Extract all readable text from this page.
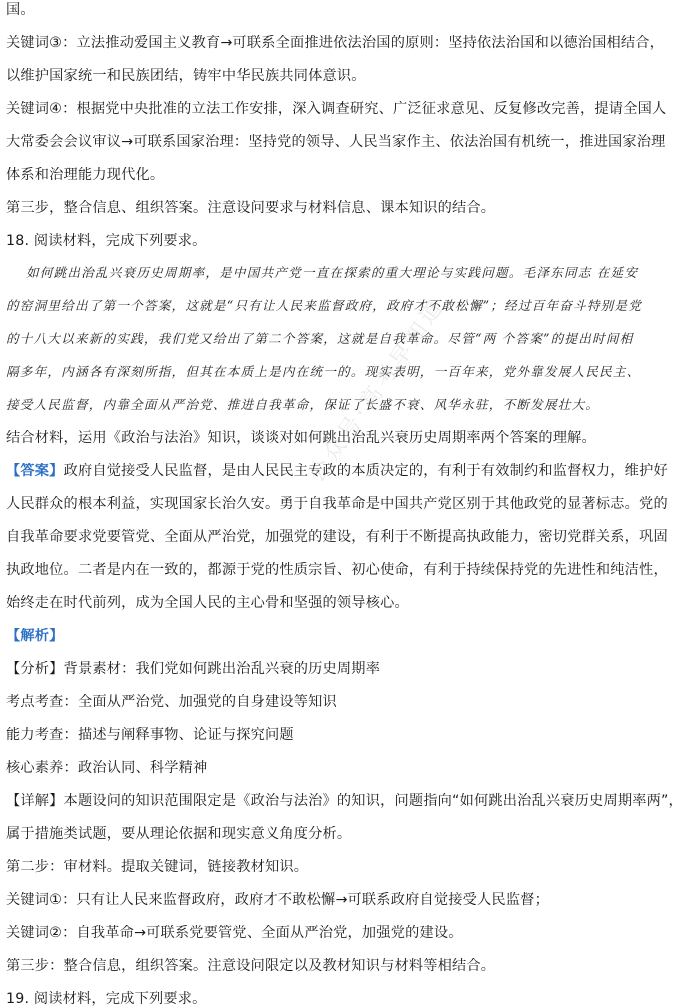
国。
关键词③：立法推动爱国主义教育→可联系全面推进依法治国的原则：坚持依法治国和以德治国相结合，
以维护国家统一和民族团结，铸牢中华民族共同体意识。
关键词④：根据党中央批准的立法工作安排，深入调查研究、广泛征求意见、反复修改完善，提请全国人
大常委会会议审议→可联系国家治理：坚持党的领导、人民当家作主、依法治国有机统一，推进国家治理
体系和治理能力现代化。
第三步，整合信息、组织答案。注意设问要求与材料信息、课本知识的结合。
18. 阅读材料，完成下列要求。
如何跳出治乱兴衰历史周期率，是中国共产党一直在探索的重大理论与实践问题。毛泽东同志 在延安
的窑洞里给出了第一个答案，这就是“只有让人民来监督政府，政府才不敢松懈”；经过百年奋斗特别是党
的十八大以来新的实践，我们党又给出了第二个答案，这就是自我革命。尽管“两 个答案”的提出时间相
隔多年，内涵各有深刻所指，但其在本质上是内在统一的。现实表明，一百年来，党外靠发展人民民主、
接受人民监督，内靠全面从严治党、推进自我革命，保证了长盛不衰、风华永驻，不断发展壮大。
结合材料，运用《政治与法治》知识，谈谈对如何跳出治乱兴衰历史周期率两个答案的理解。
【答案】政府自觉接受人民监督，是由人民民主专政的本质决定的，有利于有效制约和监督权力，维护好
人民群众的根本利益，实现国家长治久安。勇于自我革命是中国共产党区别于其他政党的显著标志。党的
自我革命要求党要管党、全面从严治党，加强党的建设，有利于不断提高执政能力，密切党群关系，巩固
执政地位。二者是内在一致的，都源于党的性质宗旨、初心使命，有利于持续保持党的先进性和纯洁性，
始终走在时代前列，成为全国人民的主心骨和坚强的领导核心。
【解析】
【分析】背景素材：我们党如何跳出治乱兴衰的历史周期率
考点考查：全面从严治党、加强党的自身建设等知识
能力考查：描述与阐释事物、论证与探究问题
核心素养：政治认同、科学精神
【详解】本题设问的知识范围限定是《政治与法治》的知识，问题指向“如何跳出治乱兴衰历史周期率两”，
属于措施类试题，要从理论依据和现实意义角度分析。
第二步：审材料。提取关键词，链接教材知识。
关键词①：只有让人民来监督政府，政府才不敢松懈→可联系政府自觉接受人民监督；
关键词②：自我革命→可联系党要管党、全面从严治党，加强党的建设。
第三步：整合信息，组织答案。注意设问限定以及教材知识与材料等相结合。
19. 阅读材料，完成下列要求。
公众号·高考早知道
